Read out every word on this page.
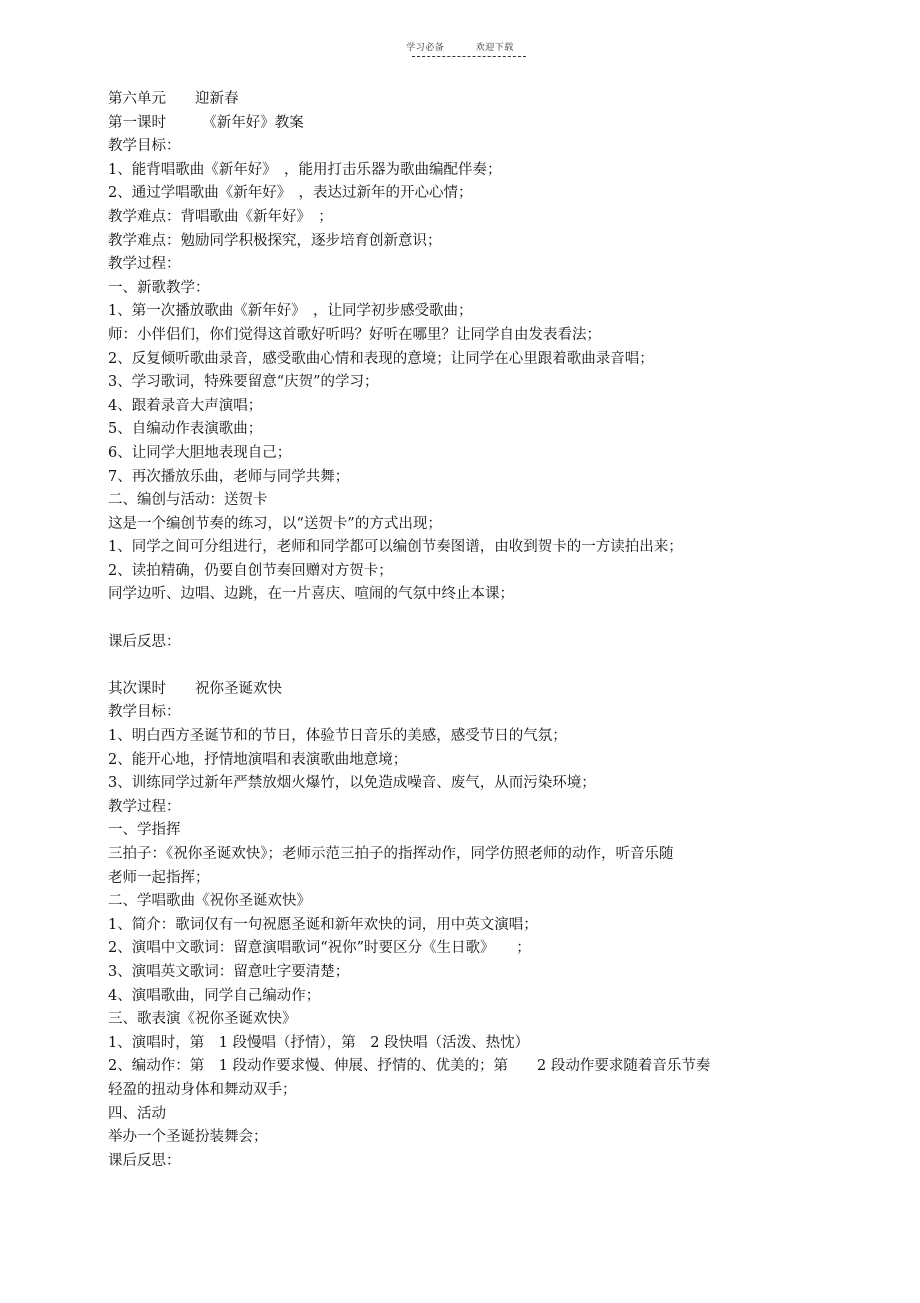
学习必备	欢迎下载

第六单元　　迎新春

第一课时　　　《新年好》教案

教学目标：

1、能背唱歌曲《新年好》　，能用打击乐器为歌曲编配伴奏；

2、通过学唱歌曲《新年好》　，表达过新年的开心心情；

教学难点：背唱歌曲《新年好》　；

教学难点：勉励同学积极探究，逐步培育创新意识；

教学过程：

一、新歌教学：

1、第一次播放歌曲《新年好》　，让同学初步感受歌曲；

师：小伴侣们，你们觉得这首歌好听吗？好听在哪里？让同学自由发表看法；

2、反复倾听歌曲录音，感受歌曲心情和表现的意境；让同学在心里跟着歌曲录音唱；

3、学习歌词，特殊要留意“庆贺”的学习；

4、跟着录音大声演唱；

5、自编动作表演歌曲；

6、让同学大胆地表现自己；

7、再次播放乐曲，老师与同学共舞；

二、编创与活动：送贺卡

这是一个编创节奏的练习，以“送贺卡”的方式出现；

1、同学之间可分组进行，老师和同学都可以编创节奏图谱，由收到贺卡的一方读拍出来；

2、读拍精确，仍要自创节奏回赠对方贺卡；

同学边听、边唱、边跳，在一片喜庆、喧闹的气氛中终止本课；

课后反思：

其次课时　　祝你圣诞欢快

教学目标：

1、明白西方圣诞节和的节日，体验节日音乐的美感，感受节日的气氛；

2、能开心地，抒情地演唱和表演歌曲地意境；

3、训练同学过新年严禁放烟火爆竹，以免造成噪音、废气，从而污染环境；

教学过程：

一、学指挥

三拍子：《祝你圣诞欢快》；老师示范三拍子的指挥动作，同学仿照老师的动作，听音乐随

老师一起指挥；

二、学唱歌曲《祝你圣诞欢快》

1、简介：歌词仅有一句祝愿圣诞和新年欢快的词，用中英文演唱；

2、演唱中文歌词：留意演唱歌词“祝你”时要区分《生日歌》　　；

3、演唱英文歌词：留意吐字要清楚；

4、演唱歌曲，同学自己编动作；

三、歌表演《祝你圣诞欢快》

1、演唱时，第　1 段慢唱（抒情），第　2 段快唱（活泼、热忱）

2、编动作：第　1 段动作要求慢、伸展、抒情的、优美的；第　　2 段动作要求随着音乐节奏

轻盈的扭动身体和舞动双手；

四、活动

举办一个圣诞扮装舞会；

课后反思：
